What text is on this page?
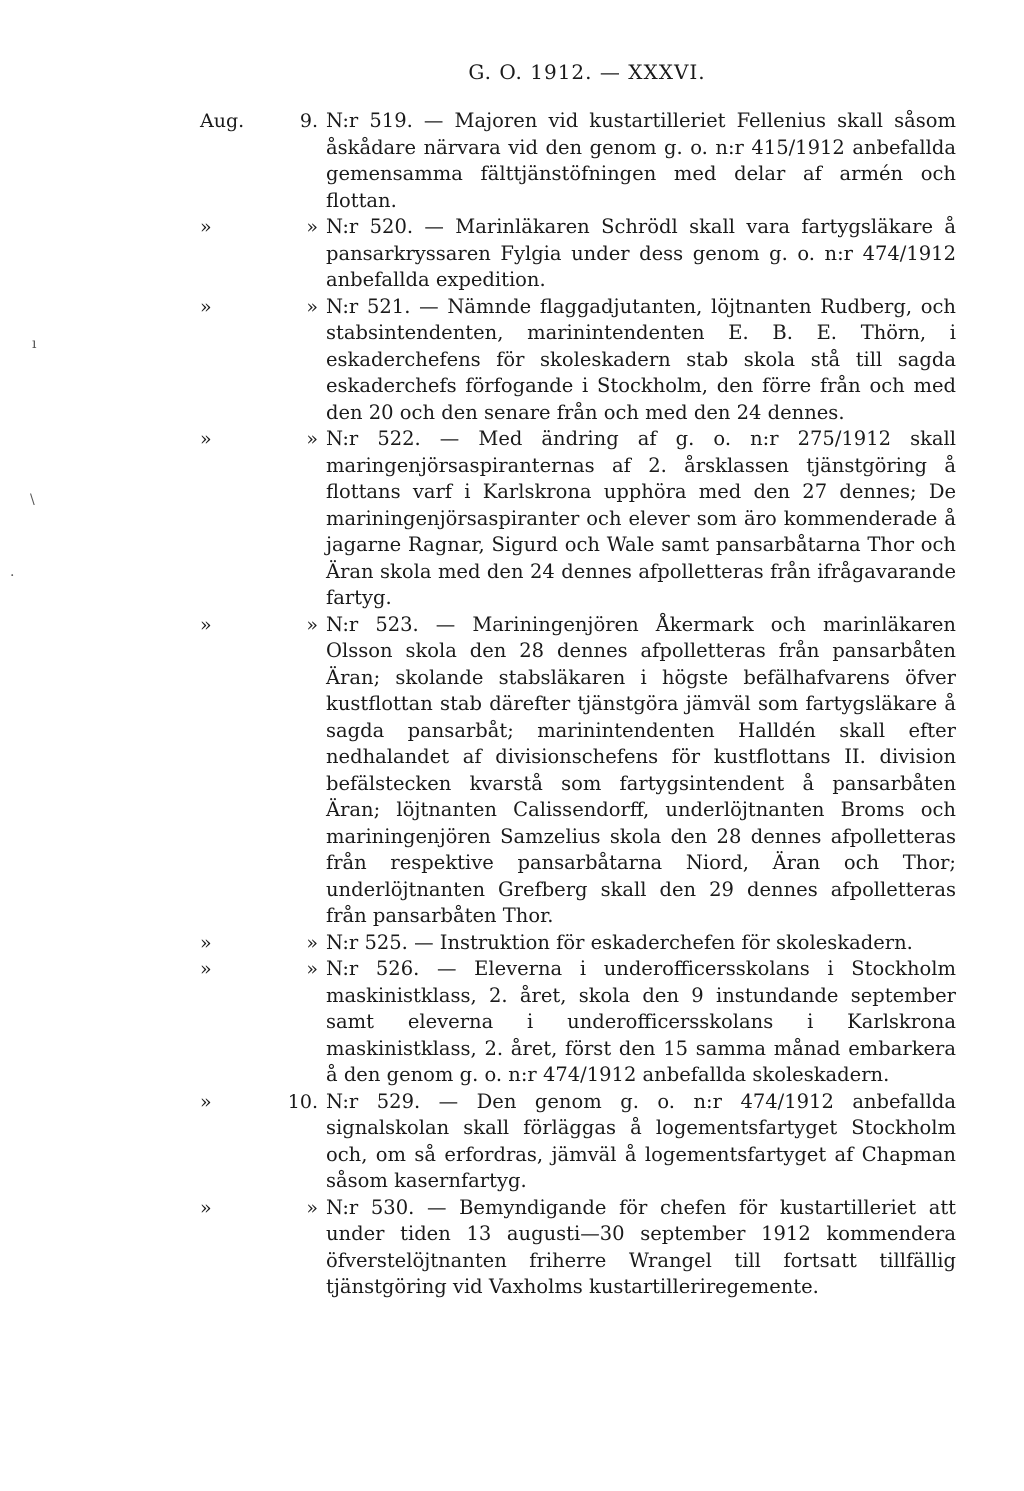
G. O. 1912. — XXXVI.
Aug.	9. N:r 519. — Majoren vid kustartilleriet Fellenius skall såsom åskådare närvara vid den genom g. o. n:r 415/1912 anbefallda gemensamma fälttjänstöfningen med delar af armén och flottan.
»	» N:r 520. — Marinläkaren Schrödl skall vara fartygsläkare å pansarkryssaren Fylgia under dess genom g. o. n:r 474/1912 anbefallda expedition.
»	» N:r 521. — Nämnde flaggadjutanten, löjtnanten Rudberg, och stabsintendenten, marinintendenten E. B. E. Thörn, i eskaderchefens för skoleskadern stab skola stå till sagda eskaderchefs förfogande i Stockholm, den förre från och med den 20 och den senare från och med den 24 dennes.
»	» N:r 522. — Med ändring af g. o. n:r 275/1912 skall maringenjörsaspiranternas af 2. årsklassen tjänstgöring å flottans varf i Karlskrona upphöra med den 27 dennes; De mariningenjörsaspiranter och elever som äro kommenderade å jagarne Ragnar, Sigurd och Wale samt pansarbåtarna Thor och Äran skola med den 24 dennes afpolletteras från ifrågavarande fartyg.
»	» N:r 523. — Mariningenjören Åkermark och marinläkaren Olsson skola den 28 dennes afpolletteras från pansarbåten Äran; skolande stabsläkaren i högste befälhafvarens öfver kustflottan stab därefter tjänstgöra jämväl som fartygsläkare å sagda pansarbåt; marinintendenten Halldén skall efter nedhalandet af divisionschefens för kustflottans II. division befälstecken kvarstå som fartygsintendent å pansarbåten Äran; löjtnanten Calissendorff, underlöjtnanten Broms och mariningenjören Samzelius skola den 28 dennes afpolletteras från respektive pansarbåtarna Niord, Äran och Thor; underlöjtnanten Grefberg skall den 29 dennes afpolletteras från pansarbåten Thor.
»	» N:r 525. — Instruktion för eskaderchefen för skoleskadern.
»	» N:r 526. — Eleverna i underofficersskolans i Stockholm maskinistklass, 2. året, skola den 9 instundande september samt eleverna i underofficersskolans i Karlskrona maskinistklass, 2. året, först den 15 samma månad embarkera å den genom g. o. n:r 474/1912 anbefallda skoleskadern.
»	10. N:r 529. — Den genom g. o. n:r 474/1912 anbefallda signalskolan skall förläggas å logementsfartyget Stockholm och, om så erfordras, jämväl å logementsfartyget af Chapman såsom kasernfartyg.
»	» N:r 530. — Bemyndigande för chefen för kustartilleriet att under tiden 13 augusti—30 september 1912 kommendera öfverstelöjtnanten friherre Wrangel till fortsatt tillfällig tjänstgöring vid Vaxholms kustartilleriregemente.
ı
\
·
